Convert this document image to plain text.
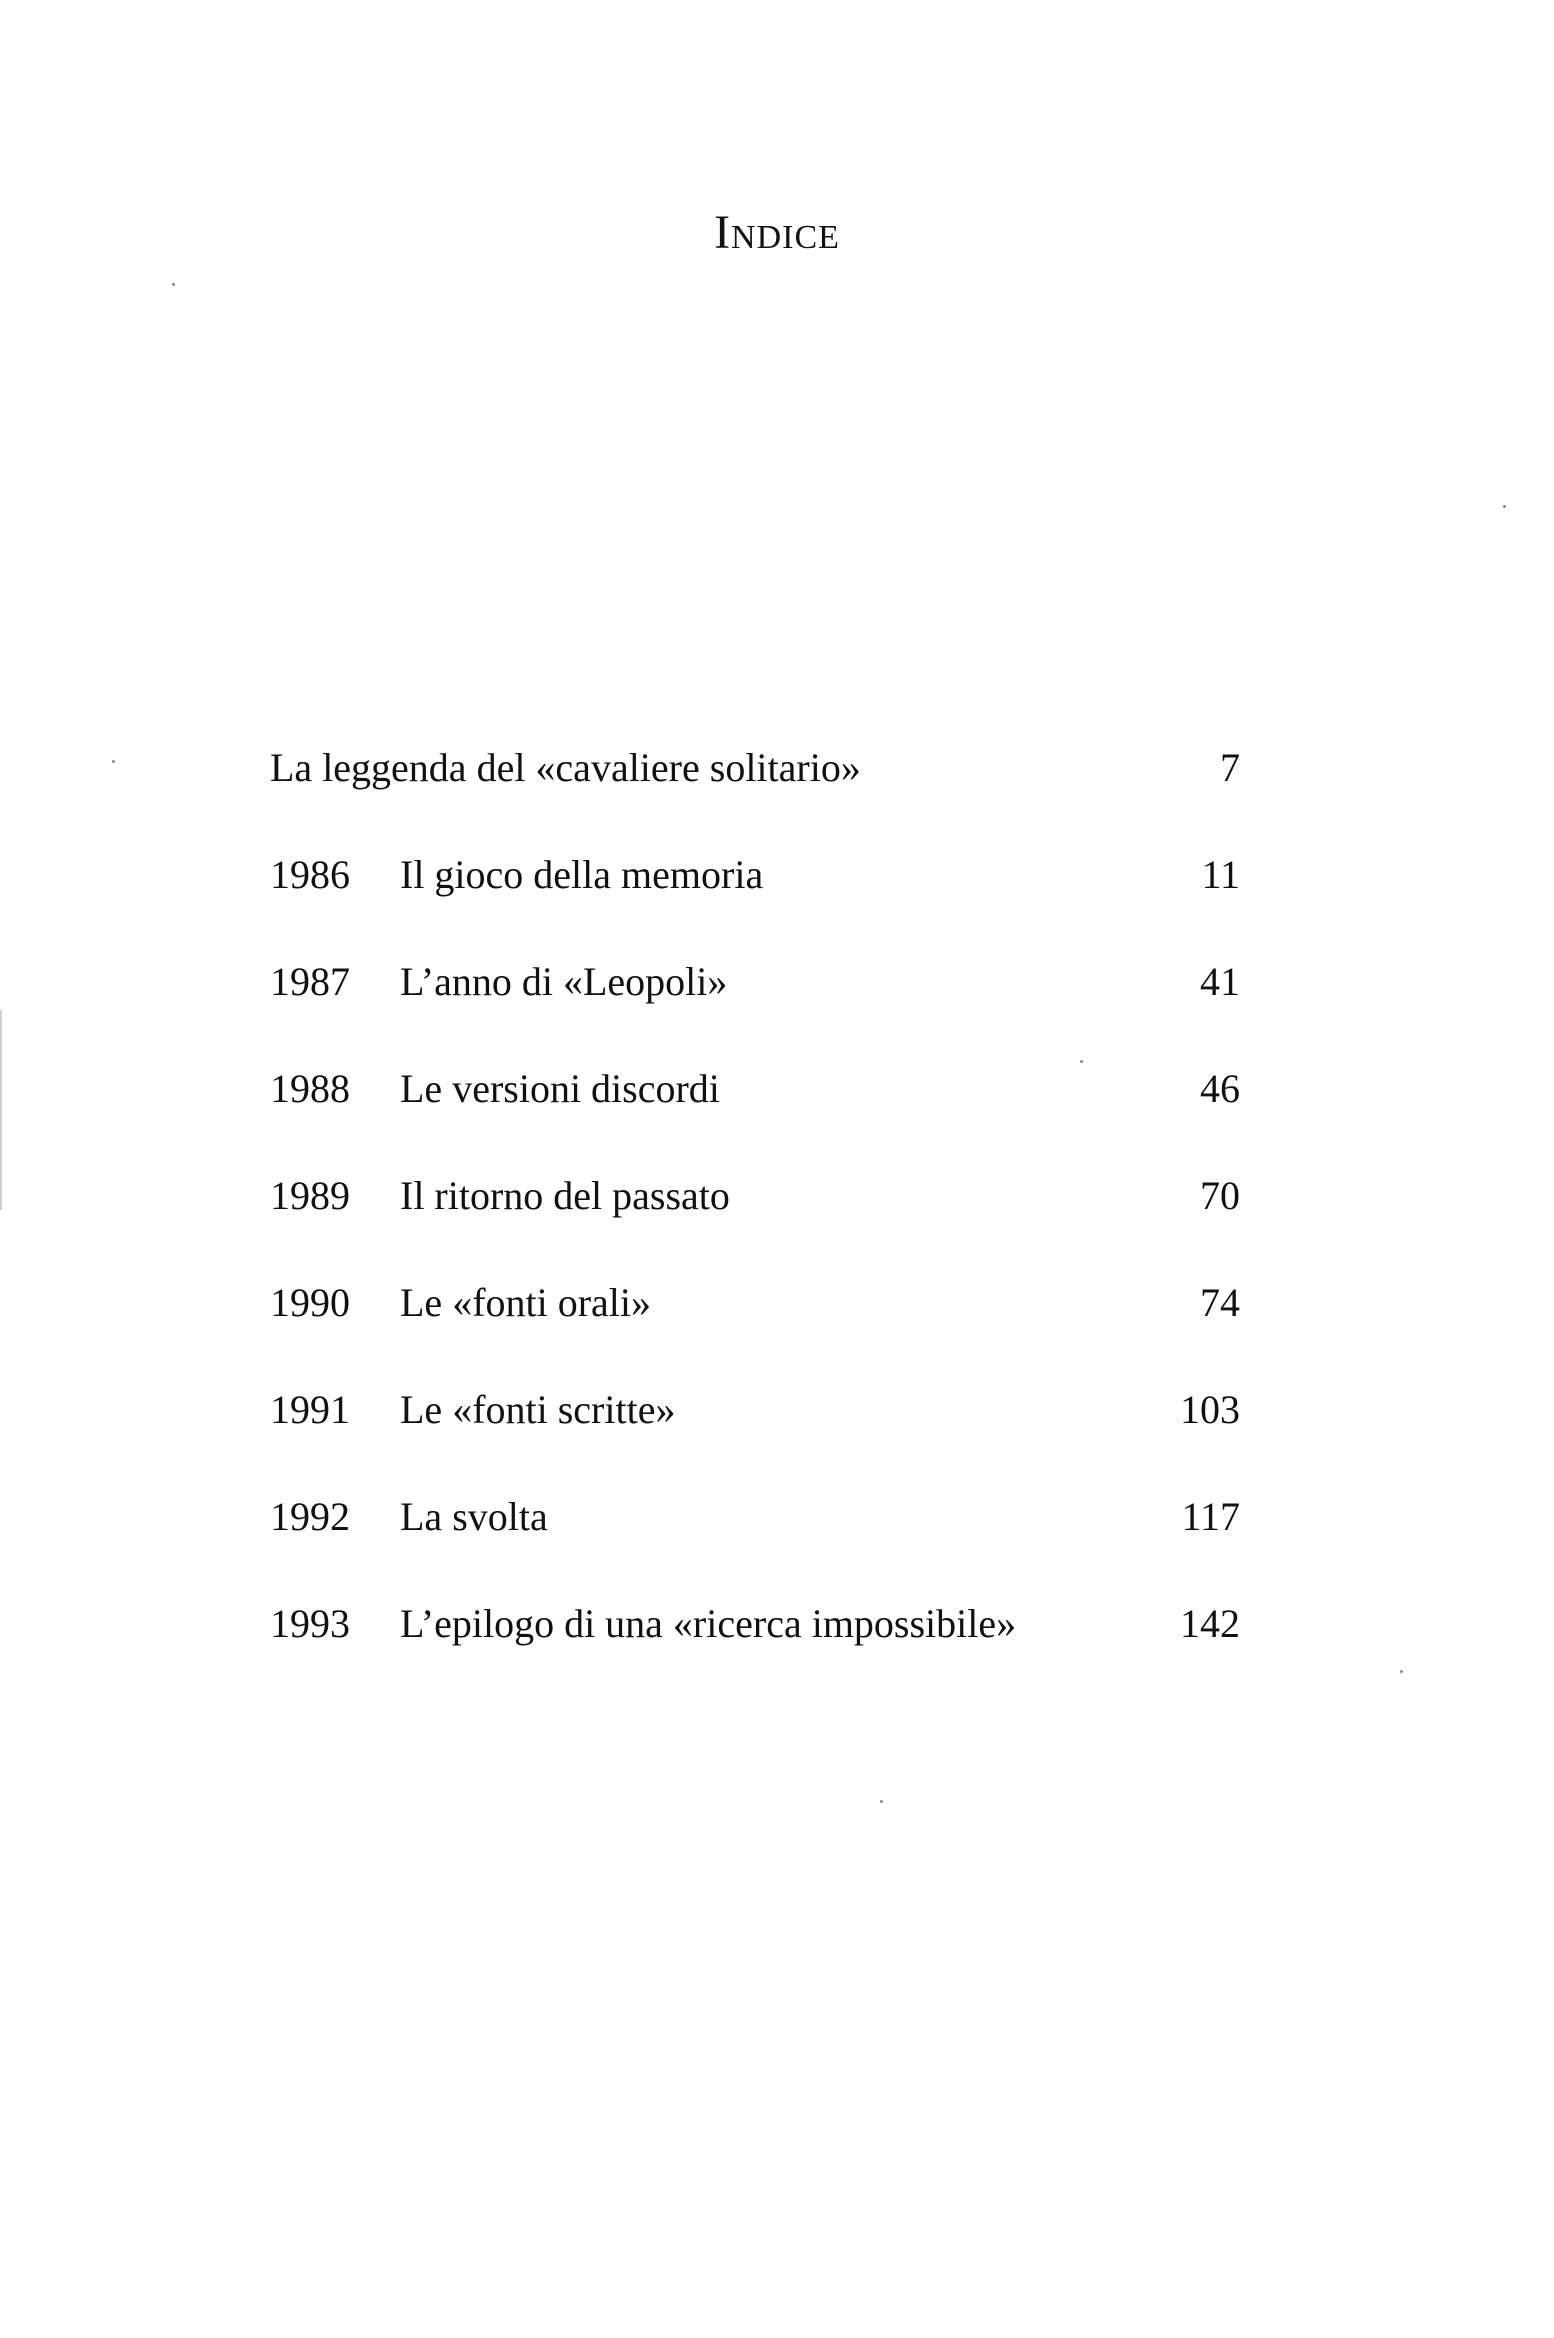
Indice
La leggenda del «cavaliere solitario»	7
1986 Il gioco della memoria	11
1987 L’anno di «Leopoli»	41
1988 Le versioni discordi	46
1989 Il ritorno del passato	70
1990 Le «fonti orali»	74
1991 Le «fonti scritte»	103
1992 La svolta	117
1993 L’epilogo di una «ricerca impossibile»	142
